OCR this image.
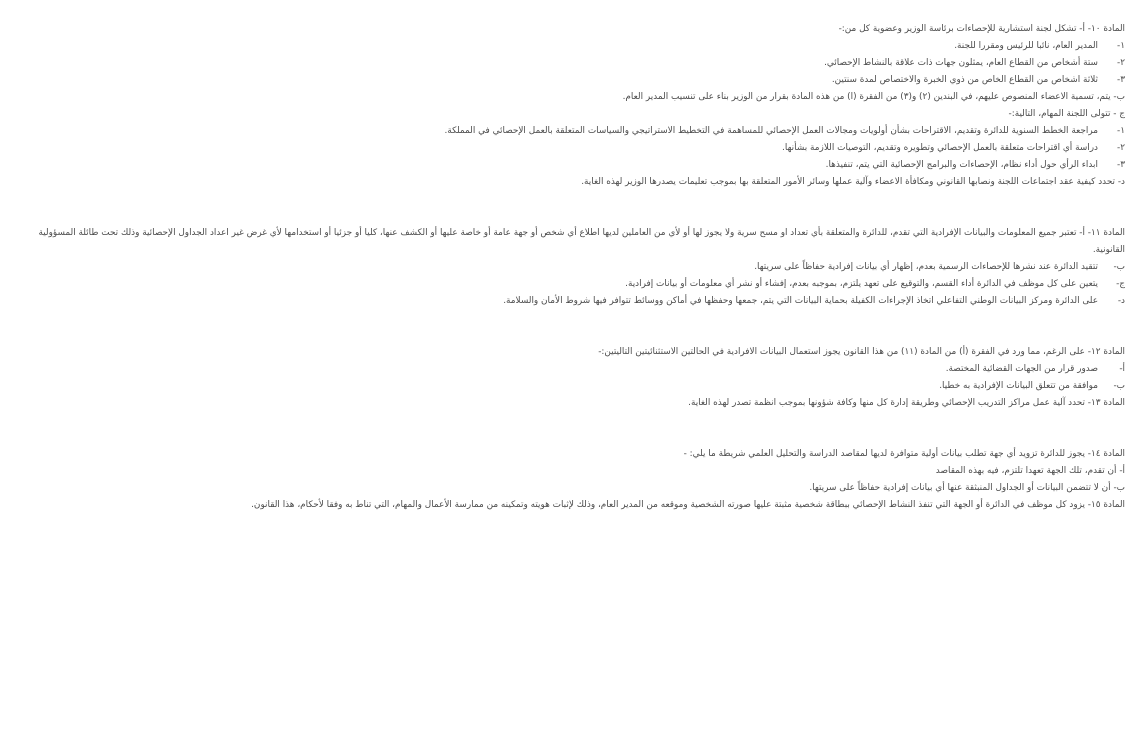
المادة ١٠- أ- تشكل لجنة استشارية للإحصاءات برئاسة الوزير وعضوية كل من:-
١-
المدير العام، نائبا للرئيس ومقررا للجنة.
٢-
ستة أشخاص من القطاع العام، يمثلون جهات ذات علاقة بالنشاط الإحصائي.
٣-
ثلاثة اشخاص من القطاع الخاص من ذوي الخبرة والاختصاص لمدة سنتين.
ب- يتم، تسمية الاعضاء المنصوص عليهم، في البندين (٢) و(٣) من الفقرة (ا) من هذه المادة بقرار من الوزير بناء على تنسيب المدير العام.
ج - تتولى اللجنة المهام، التالية:-
١-
مراجعة الخطط السنوية للدائرة وتقديم، الاقتراحات بشأن أولويات ومجالات العمل الإحصائي للمساهمة في التخطيط الاستراتيجي والسياسات المتعلقة بالعمل الإحصائي في المملكة.
٢-
دراسة أي اقتراحات متعلقة بالعمل الإحصائي وتطويره وتقديم، التوصيات اللازمة بشأنها.
٣-
ابداء الرأي حول أداء نظام، الإحصاءات والبرامج الإحصائية التي يتم، تنفيذها.
د- تحدد كيفية عقد اجتماعات اللجنة ونصابها القانوني ومكافأة الاعضاء وآلية عملها وسائر الأمور المتعلقة بها بموجب تعليمات يصدرها الوزير لهذه الغاية.
المادة ١١- أ- تعتبر جميع المعلومات والبيانات الإفرادية التي تقدم، للدائرة والمتعلقة بأي تعداد او مسح سرية ولا يجوز لها أو لأي من العاملين لديها اطلاع أي شخص أو جهة عامة أو خاصة عليها أو الكشف عنها، كليا أو جزئيا أو استخدامها لأي غرض غير اعداد الجداول الإحصائية وذلك تحت طائلة المسؤولية القانونية.
ب-
تتقيد الدائرة عند نشرها للإحصاءات الرسمية بعدم، إظهار أي بيانات إفرادية حفاظاً على سريتها.
ج-
يتعين على كل موظف في الدائرة أداء القسم، والتوقيع على تعهد يلتزم، بموجبه بعدم، إفشاء أو نشر أي معلومات أو بيانات إفرادية.
د-
على الدائرة ومركز البيانات الوطني التفاعلي اتخاذ الإجراءات الكفيلة بحماية البيانات التي يتم، جمعها وحفظها في أماكن ووسائط تتوافر فيها شروط الأمان والسلامة.
المادة ١٢- على الرغم، مما ورد في الفقرة (أ) من المادة (١١) من هذا القانون يجوز استعمال البيانات الافرادية في الحالتين الاستثنائيتين التاليتين:-
أ-
صدور قرار من الجهات القضائية المختصة.
ب-
موافقة من تتعلق البيانات الإفرادية به خطيا.
المادة ١٣- تحدد آلية عمل مراكز التدريب الإحصائي وطريقة إدارة كل منها وكافة شؤونها بموجب انظمة تصدر لهذه الغاية.
المادة ١٤- يجوز للدائرة تزويد أي جهة تطلب بيانات أولية متوافرة لديها لمقاصد الدراسة والتحليل العلمي شريطة ما يلي: -
أ- أن تقدم، تلك الجهة تعهدا تلتزم، فيه بهذه المقاصد
ب- أن لا تتضمن البيانات أو الجداول المنبثقة عنها أي بيانات إفرادية حفاظاً على سريتها.
المادة ١٥- يزود كل موظف في الدائرة أو الجهة التي تنفذ النشاط الإحصائي ببطاقة شخصية مثبتة عليها صورته الشخصية وموقعه من المدير العام، وذلك لإثبات هويته وتمكينه من ممارسة الأعمال والمهام، التي تناط به وفقا لأحكام، هذا القانون.
